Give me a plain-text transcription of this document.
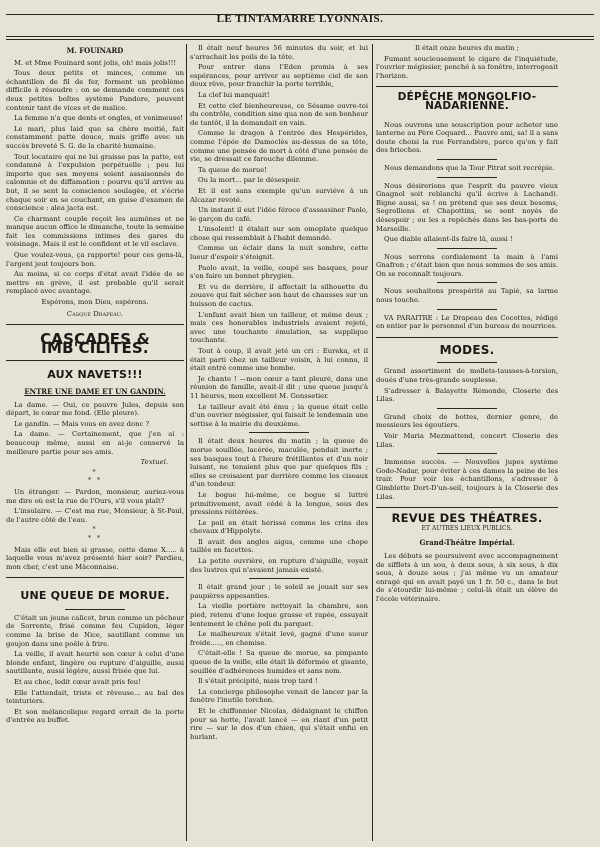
LE TINTAMARRE LYONNAIS.
M. FOUINARD

M. et Mme Fouinard sont jolis, oh! mais jolis!!!

Tous deux petits et minces, comme un échantillon de fil de fer, forment un problème difficile à résoudre : on se demande comment ces deux petites boîtes système Pandore, peuvent contenir tant de vices et de malice.

La femme n'a que dents et ongles, et venimeuse!

Le mari, plus laid que sa chère moitié, fait constamment patte douce, mais griffe avec un succès breveté S. G. de la charité humaine.

Tout locataire qui ne lui graisse pas la patte, est condamné à l'expulsion perpétuelle ; peu lui importe que ses moyens soient assaisonnés de calomnie et de diffamation : pourvu qu'il arrive au but, il se sent la conscience soulagée, et s'écrie chaque soir en se couchant, en guise d'examen de conscience : alea jacta est.

Ce charmant couple reçoit les aumônes et ne manque aucun office le dimanche, toute la semaine fait les commissions intimes des gares du voisinage. Mais il est le confident et le vil esclave.

Que voulez-vous, ça rapporte! pour ces gens-là, l'argent jeut toujours bon.

Au moins, si ce corps d'état avait l'idée de se mettre en grève, il est probable qu'il serait remplacé avec avantage.

Espérons, mon Dieu, espérons.

Casque Drapeau.
CASCADES & IMB'CILITÉS.
AUX NAVETS!!!
ENTRE UNE DAME ET UN GANDIN.

La dame. — Oui, ce pauvre Jules, depuis son départ, le cœur me fond. (Elle pleure).

Le gandin. — Mais vous en avez donc ?

La dame. — Certainement, que j'en ai : beaucoup même, aussi en ai-je conservé la meilleure partie pour ses amis.

Textuel.
*
* *

Un étranger. — Pardon, monsieur, auriez-vous me dire où est la rue de l'Ours, s'il vous plaît?

L'insulaire. — C'est ma rue, Monsieur, à St-Paul, de l'autre côté de l'eau.

*
* *

Mais elle est bien si grasse, cette dame X..... à laquelle vous m'avez présenté hier soir? Pardieu, mon cher, c'est une Mâconnaise.

UNE QUEUE DE MORUE.

C'était un jeune calicot, brun comme un pêcheur de Sorrente, frisé comme feu Cupidon, léger comme la brise de Nice, sautillant comme un goujon dans une poêle à frire.

La veille, il avait heurté son cœur à celui d'une blonde enfant, lingère ou rupture d'aiguille, aussi sautillante, aussi légère, aussi frisée que lui.

Et au choc, ledit cœur avait pris feu!

Elle l'attendait, triste et rêveuse... au bal des teinturiers.

Et son mélancolique regard errait de la porte d'entrée au buffet.

Il était neuf heures 56 minutes du soir, et lui s'arrachait les poils de la tête.

Pour entrer dans l'Eden promis à ses espérances, pour arriver au septième ciel de son doux rêve, pour franchir la porte terrible,

La clef lui manquait!

Et cette clef bienheureuse, ce Sésame ouvre-toi du contrôle, condition sine qua non de son bonheur de tantôt, il la demandait en vain.

Comme le dragon à l'entrée des Hespérides, comme l'épée de Damoclès au-dessus de sa tête, comme une pensée de mort à côté d'une pensée de vie, se dressait ce farouche dilemme.

Ta queue de morue!

Ou la mort... par le désespoir.

Et il est sans exemple qu'un surviéve à un Alcazar revoté.

Un instant il eut l'idée féroce d'assassiner Paolo, le garçon du café.

L'insolent! il étalait sur son omoplate quelque chose qui ressemblait à l'habit demandé.

Comme un éclair dans la nuit sombre, cette lueur d'espoir s'éteignit.

Paolo avait, la veille, coupé ses basques, pour s'en faire un bonnet phrygien.

Et vu de derrière, il affectait la silhouette du zouave qui fait sécher son haut de chausses sur un buisson de cactus.

L'enfant avait bien un tailleur, et même deux ; mais ces honorables industriels avaient rejeté, avec une touchante émulation, sa supplique touchante.

Tout à coup, il avait jeté un cri : Eureka, et il était parti chez un tailleur voisin, à lui connu, il était entré comme une bombe.

Je chante ! —mon cœur a tant pleuré, dans une réunion de famille, avait-il dit ; une queue jusqu'à 11 heures, mon excellent M. Gonssetier.

Le tailleur avait été ému ; la queue était celle d'un ouvrier mégissier, qui faisait le lendemain une sottise à la mairie du deuxième.

Il était deux heures du matin ; la queue de morue souillée, lacérée, maculée, pendait inerte ; ses basques tout à l'heure frétillantes et d'un noir luisant, ne tenaient plus que par quelques fils ; elles se croisaient par derrière comme les ciseaux d'un tondeur.

Le bogue lui-même, ce bogue si luttré primitivement, avait cédé à la longue, sous des pressions réitérées.

Le poil en était hérissé comme les crins des chevaux d'Hippolyte.

Il avait des angles aigus, comme une chope taillée en facettes.

La petite ouvrière, en rupture d'aiguille, voyait des lustres qui n'avaient jamais existé.

Il était grand jour ; le soleil se jouait sur ses paupières appesanties.

La vieille portière nettoyait la chambre, son pied, retenu d'une loque grasse et rapée, essuyait lentement le chêne poli du parquet.

Le malheureux s'était levé, gagné d'une sueur froide....., en chemise.

C'était-elle ! Sa queue de morue, sa pimpante queue de la veille, elle était là déformée et gisante, souillée d'adhérences humides et sans nom.

Il s'était précipité, mais trop tard !

La concierge philosophe venait de lancer par la fenêtre l'inutile torchon.

Et le chiffonnier Nicolas, dédaignant le chiffon pour sa hotte, l'avait lancé — en riant d'un petit rire — sur le dos d'un chien, qui s'était enfui en hurlant.

Il était onze heures du matin ;

Fumant soucieusement le cigare de l'inquiétude, l'ouvrier mégissier, penché à sa fenêtre, interrogeait l'horizon.

DÉPÊCHE MONGOLFIO-NADARIENNE.

Nous ouvrons une souscription pour acheter une lanterne au Père Coquard... Pauvre ami, sa! il a sans doute choisi la rue Ferrandière, parce qu'on y fait des brioches.

Nous demandons que la Tour Pitrat soit recrépie.

Nous désirerions que l'esprit du pauvre vieux Gnagnol soit reblanchi qu'il écrive à Lachand). Bigne aussi, sa ! on prétend que ses deux besoms, Segrolliens et Chapottins, se sont noyés de désespoir ; ou les a repêchés dans les bas-ports de Marseille.

Que diable allaient-ils faire là, aussi !

Nous serrons cordialement la main à l'ami Gnafron ; c'était bien que nous sommes de ses amis. On se reconnaît toujours.

Nous souhaitons prospérité au Tapié, sa larme nous touche.

VA PARAITRE : Le Drapeau des Cocottes, rédigé en entier par le personnel d'un bureau de nourrices.

MODES.

Grand assortiment de mollets-tausses-à-torsion, doués d'une très-grande souplesse.

S'adresser à Balayette Rémonde, Closerie des Lilas.

Grand choix de bottes, dernier genre, de messieurs les égoutiers.

Voir Maria Mezmattend, concert Closerie des Lilas.

Immense succès. — Nouvelles jupes système Godo-Nadar, pour éviter à ces dames la peine de les trair. Pour voir les échantillons, s'adresser à Gimblette Dort-D'un-seil, toujours à la Closerie des Lilas.

REVUE DES THÉATRES.
ET AUTRES LIEUX PUBLICS.
Grand-Théâtre Impérial.

Les débuts se poursuivent avec accompagnement de sifflets à un sou, à deux sous, à six sous, à dix sous, à douze sous ; j'ai même vu un amateur enragé qui en avait payé un 1 fr. 50 c., dans le but de s'étourdir lui-même ; celui-là était un élève de l'école vétérinaire.
